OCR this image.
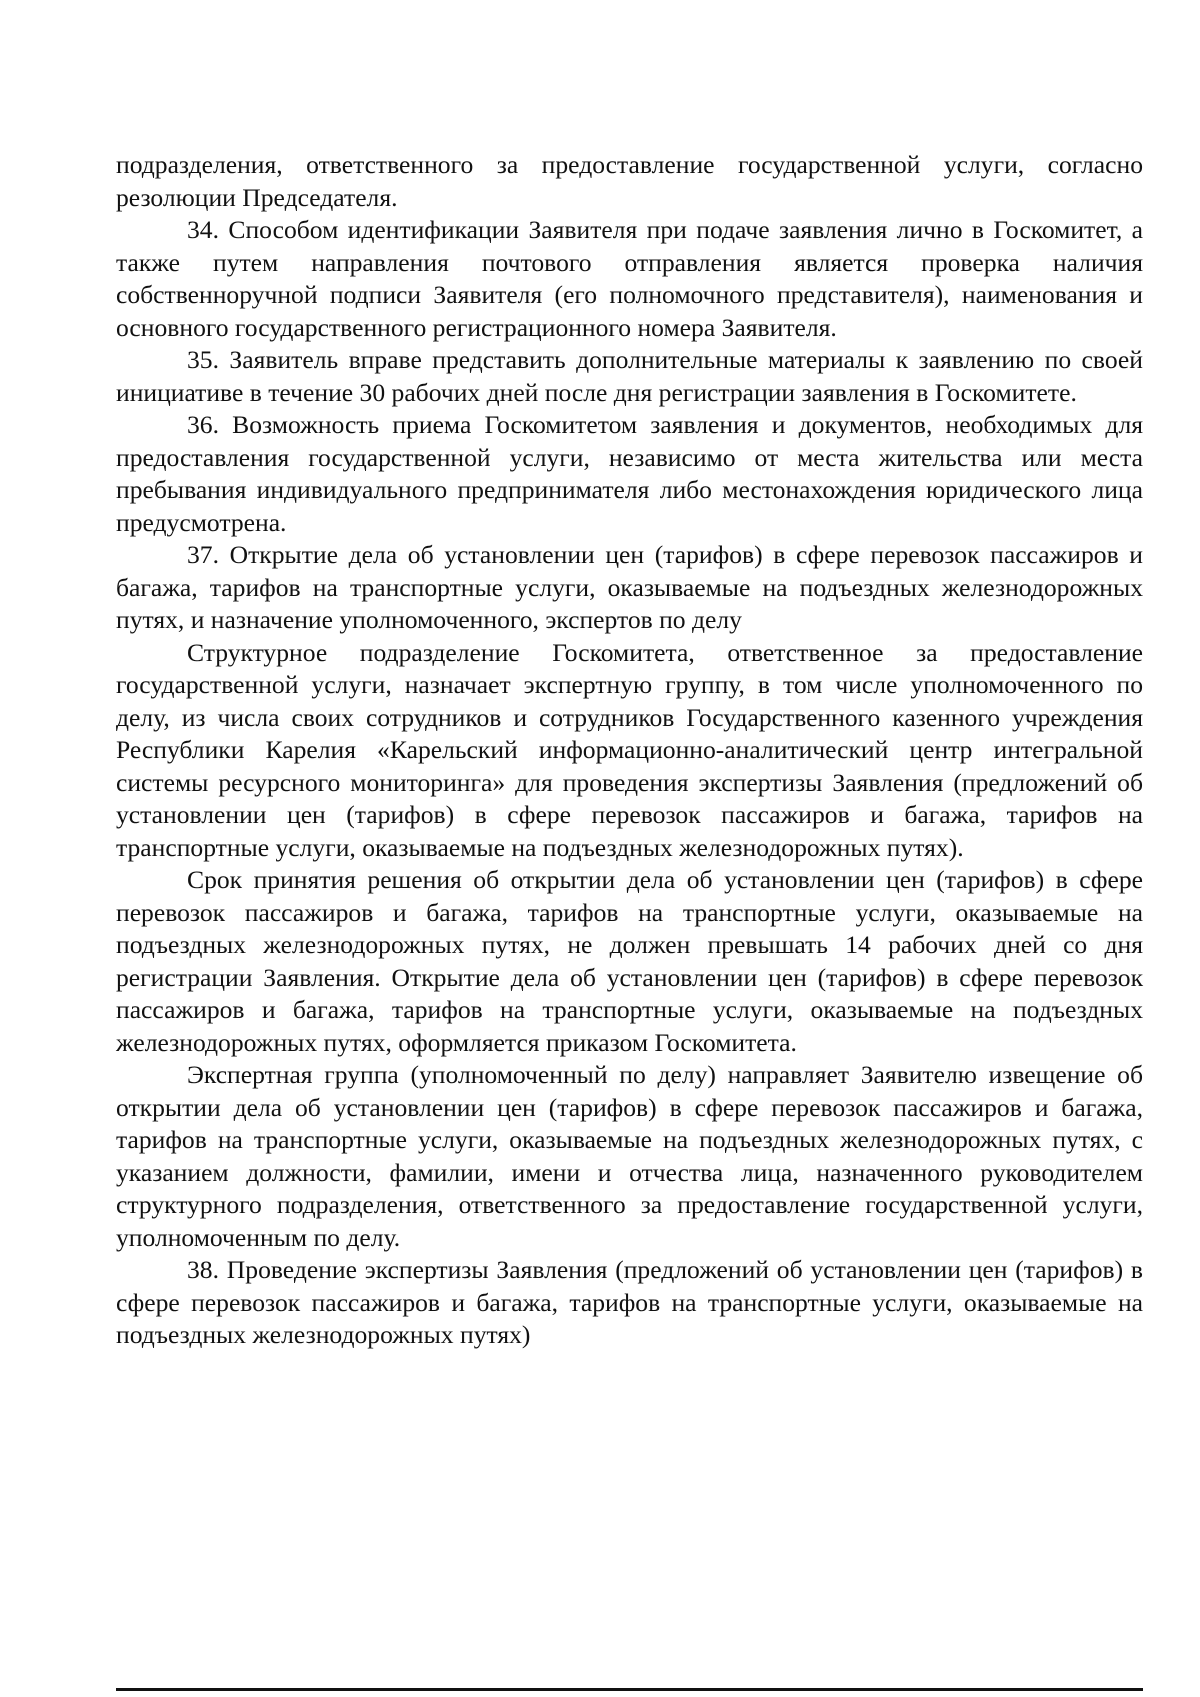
подразделения, ответственного за предоставление государственной услуги, согласно резолюции Председателя.

34. Способом идентификации Заявителя при подаче заявления лично в Госкомитет, а также путем направления почтового отправления является проверка наличия собственноручной подписи Заявителя (его полномочного представителя), наименования и основного государственного регистрационного номера Заявителя.

35. Заявитель вправе представить дополнительные материалы к заявлению по своей инициативе в течение 30 рабочих дней после дня регистрации заявления в Госкомитете.

36. Возможность приема Госкомитетом заявления и документов, необходимых для предоставления государственной услуги, независимо от места жительства или места пребывания индивидуального предпринимателя либо местонахождения юридического лица предусмотрена.

37. Открытие дела об установлении цен (тарифов) в сфере перевозок пассажиров и багажа, тарифов на транспортные услуги, оказываемые на подъездных железнодорожных путях, и назначение уполномоченного, экспертов по делу

Структурное подразделение Госкомитета, ответственное за предоставление государственной услуги, назначает экспертную группу, в том числе уполномоченного по делу, из числа своих сотрудников и сотрудников Государственного казенного учреждения Республики Карелия «Карельский информационно-аналитический центр интегральной системы ресурсного мониторинга» для проведения экспертизы Заявления (предложений об установлении цен (тарифов) в сфере перевозок пассажиров и багажа, тарифов на транспортные услуги, оказываемые на подъездных железнодорожных путях).

Срок принятия решения об открытии дела об установлении цен (тарифов) в сфере перевозок пассажиров и багажа, тарифов на транспортные услуги, оказываемые на подъездных железнодорожных путях, не должен превышать 14 рабочих дней со дня регистрации Заявления. Открытие дела об установлении цен (тарифов) в сфере перевозок пассажиров и багажа, тарифов на транспортные услуги, оказываемые на подъездных железнодорожных путях, оформляется приказом Госкомитета.

Экспертная группа (уполномоченный по делу) направляет Заявителю извещение об открытии дела об установлении цен (тарифов) в сфере перевозок пассажиров и багажа, тарифов на транспортные услуги, оказываемые на подъездных железнодорожных путях, с указанием должности, фамилии, имени и отчества лица, назначенного руководителем структурного подразделения, ответственного за предоставление государственной услуги, уполномоченным по делу.

38. Проведение экспертизы Заявления (предложений об установлении цен (тарифов) в сфере перевозок пассажиров и багажа, тарифов на транспортные услуги, оказываемые на подъездных железнодорожных путях)
